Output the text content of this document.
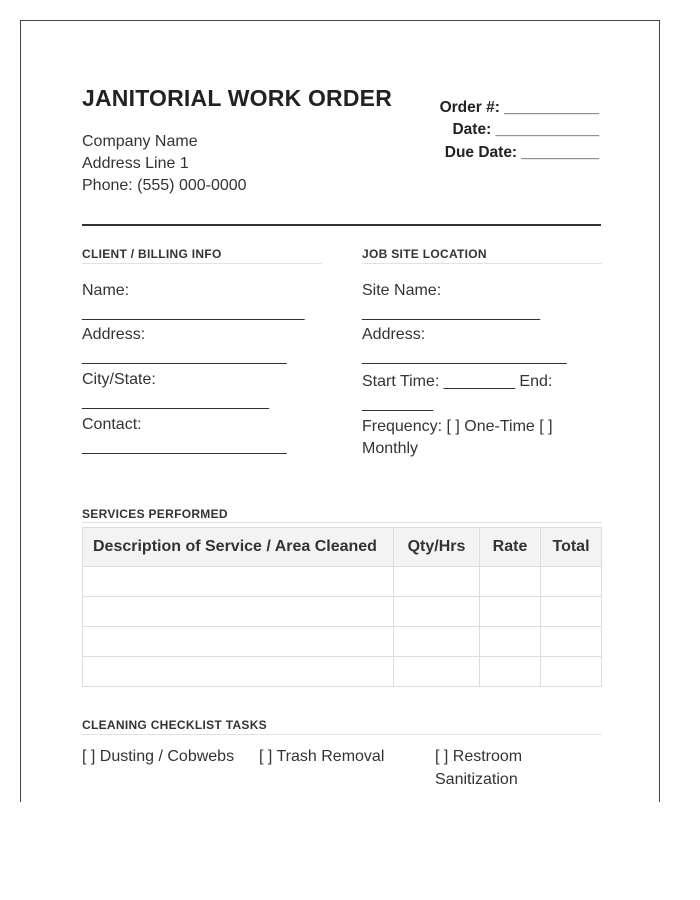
JANITORIAL WORK ORDER
Company Name
Address Line 1
Phone: (555) 000-0000
Order #: ___________
Date: ____________
Due Date: _________
CLIENT / BILLING INFO
Name:
_________________________
Address:
_______________________
City/State:
_____________________
Contact:
_______________________
JOB SITE LOCATION
Site Name:
____________________
Address:
_______________________
Start Time: ________ End: ________
Frequency: [ ] One-Time [ ] Monthly
SERVICES PERFORMED
Description of Service / Area Cleaned	Qty/Hrs	Rate	Total

CLEANING CHECKLIST TASKS
[ ] Dusting / Cobwebs [ ] Trash Removal	[ ] Restroom Sanitization
